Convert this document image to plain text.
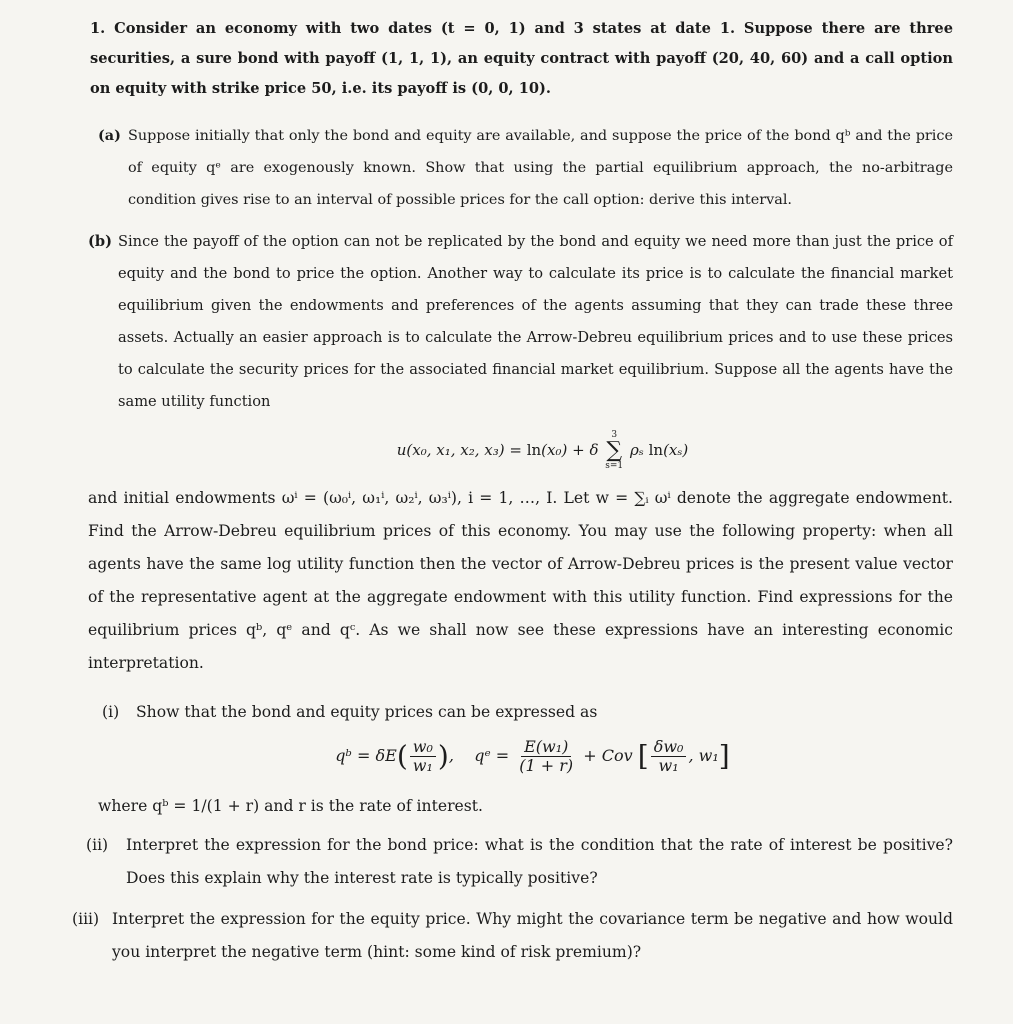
1. Consider an economy with two dates (t = 0, 1) and 3 states at date 1. Suppose there are three securities, a sure bond with payoff (1, 1, 1), an equity contract with payoff (20, 40, 60) and a call option on equity with strike price 50, i.e. its payoff is (0, 0, 10).

(a) Suppose initially that only the bond and equity are available, and suppose the price of the bond qᵇ and the price of equity qᵉ are exogenously known. Show that using the partial equilibrium approach, the no-arbitrage condition gives rise to an interval of possible prices for the call option: derive this interval.
(b) Since the payoff of the option can not be replicated by the bond and equity we need more than just the price of equity and the bond to price the option. Another way to calculate its price is to calculate the financial market equilibrium given the endowments and preferences of the agents assuming that they can trade these three assets. Actually an easier approach is to calculate the Arrow-Debreu equilibrium prices and to use these prices to calculate the security prices for the associated financial market equilibrium. Suppose all the agents have the same utility function
u(x₀, x₁, x₂, x₃) = ln(x₀) + δ
3
∑
s=1
ρₛ ln(xₛ)

and initial endowments ωⁱ = (ω₀ⁱ, ω₁ⁱ, ω₂ⁱ, ω₃ⁱ), i = 1, …, I. Let w = ∑ᵢ ωⁱ denote the aggregate endowment. Find the Arrow-Debreu equilibrium prices of this economy. You may use the following property: when all agents have the same log utility function then the vector of Arrow-Debreu prices is the present value vector of the representative agent at the aggregate endowment with this utility function. Find expressions for the equilibrium prices qᵇ, qᵉ and qᶜ. As we shall now see these expressions have an interesting economic interpretation.

(i)	Show that the bond and equity prices can be expressed as
qᵇ = $\delta E( \frac{\text{w₀}}{\text{w₁}}$ ), qᵉ = $\frac{\text{E(w₁)}}{(1 + r)}$ + Cov [ $\frac{\text{δw₀}}{\text{w₁}}$ , w₁]

where qᵇ = 1/(1 + r) and r is the rate of interest.

(ii)	Interpret the expression for the bond price: what is the condition that the rate of interest be positive? Does this explain why the interest rate is typically positive?
(iii) Interpret the expression for the equity price. Why might the covariance term be negative and how would you interpret the negative term (hint: some kind of risk premium)?
